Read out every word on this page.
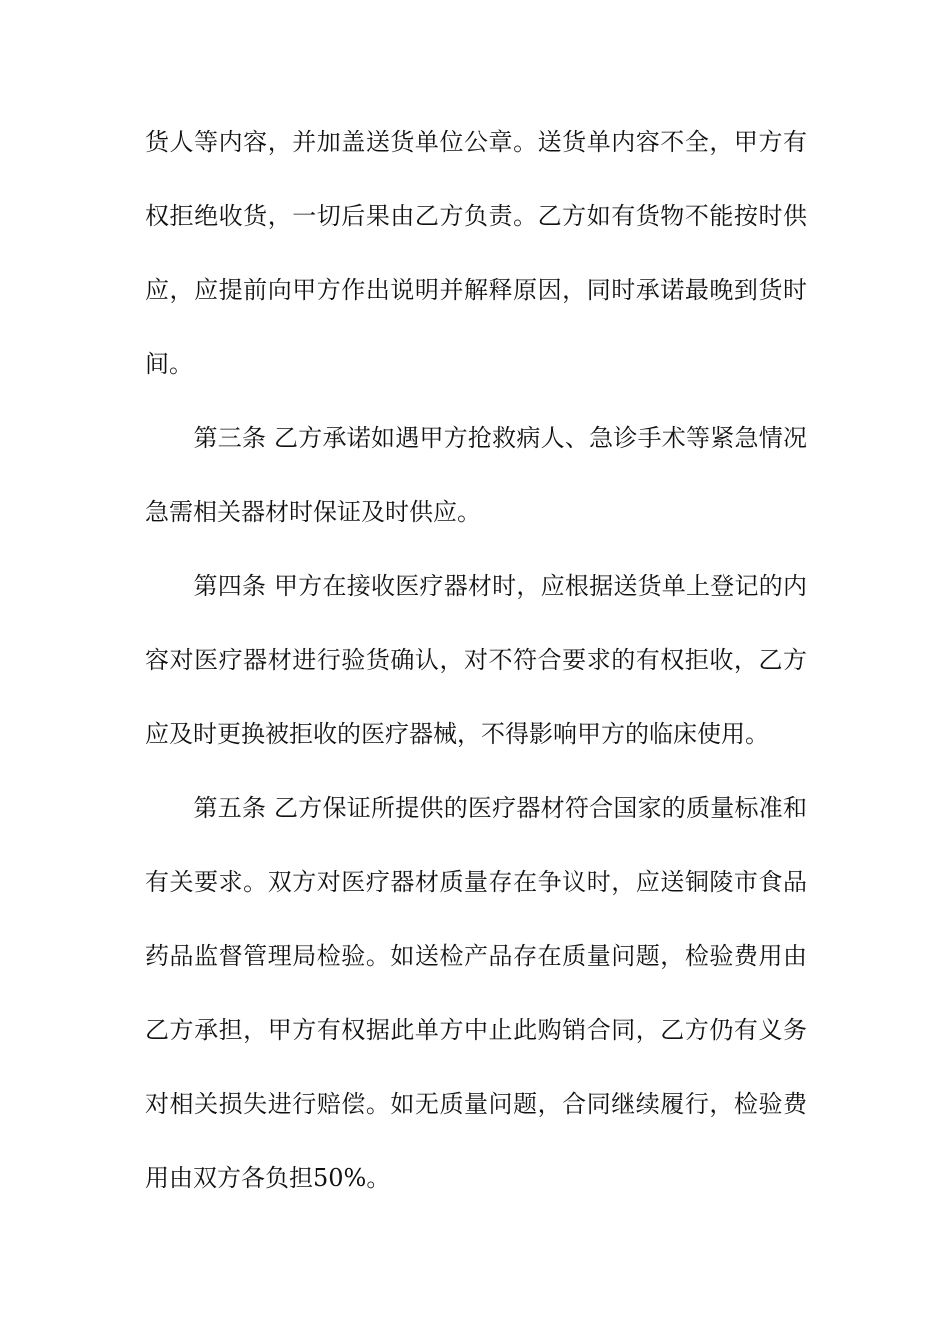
货人等内容，并加盖送货单位公章。送货单内容不全，甲方有
权拒绝收货，一切后果由乙方负责。乙方如有货物不能按时供
应，应提前向甲方作出说明并解释原因，同时承诺最晚到货时
间。
　　第三条 乙方承诺如遇甲方抢救病人、急诊手术等紧急情况
急需相关器材时保证及时供应。
　　第四条 甲方在接收医疗器材时，应根据送货单上登记的内
容对医疗器材进行验货确认，对不符合要求的有权拒收，乙方
应及时更换被拒收的医疗器械，不得影响甲方的临床使用。
　　第五条 乙方保证所提供的医疗器材符合国家的质量标准和
有关要求。双方对医疗器材质量存在争议时，应送铜陵市食品
药品监督管理局检验。如送检产品存在质量问题，检验费用由
乙方承担，甲方有权据此单方中止此购销合同，乙方仍有义务
对相关损失进行赔偿。如无质量问题，合同继续履行，检验费
用由双方各负担50%。
